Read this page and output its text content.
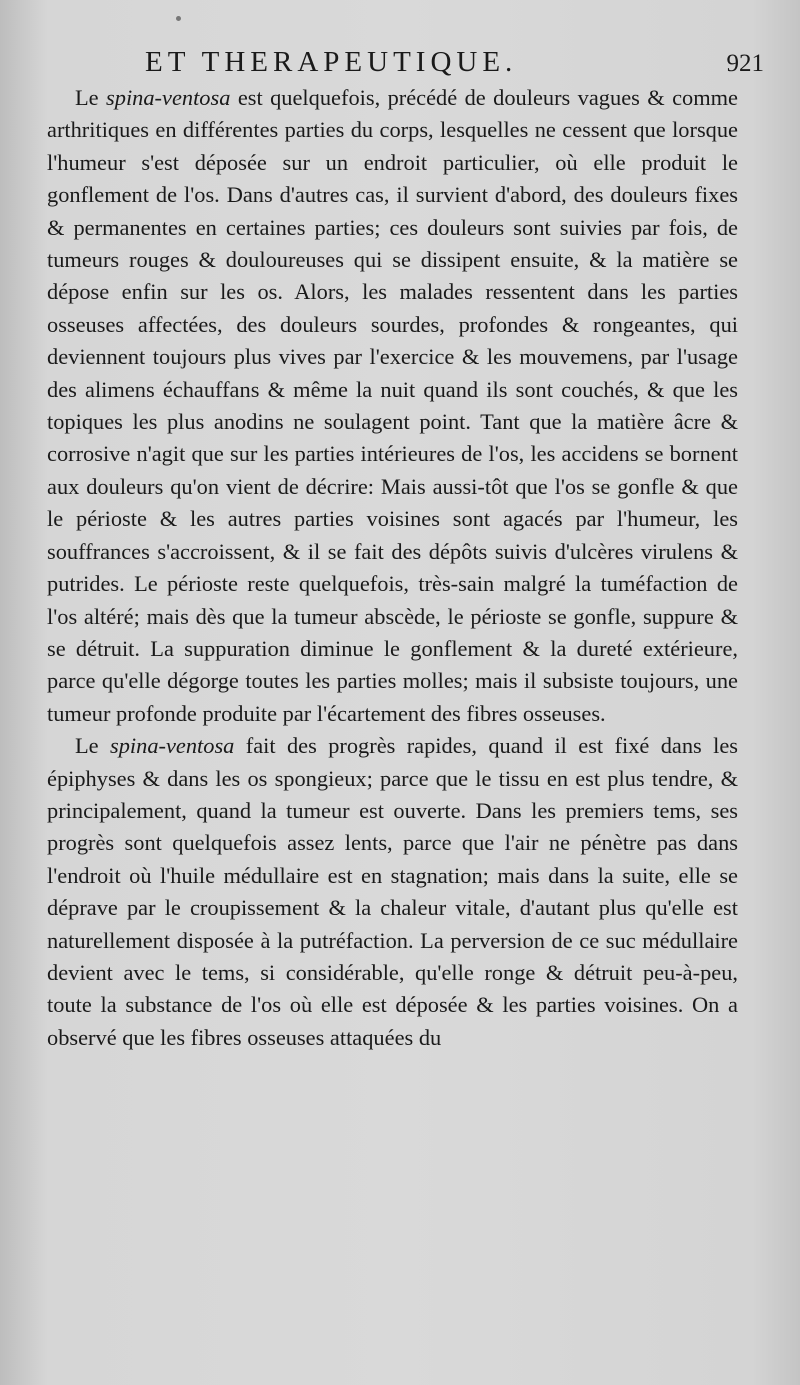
ET THERAPEUTIQUE.	921

Le spina-ventosa est quelquefois, précédé de douleurs vagues & comme arthritiques en différentes parties du corps, lesquelles ne cessent que lorsque l'humeur s'est déposée sur un endroit particulier, où elle produit le gonflement de l'os. Dans d'autres cas, il survient d'abord, des douleurs fixes & permanentes en certaines parties; ces douleurs sont suivies par fois, de tumeurs rouges & douloureuses qui se dissipent ensuite, & la matière se dépose enfin sur les os. Alors, les malades ressentent dans les parties osseuses affectées, des douleurs sourdes, profondes & rongeantes, qui deviennent toujours plus vives par l'exercice & les mouvemens, par l'usage des alimens échauffans & même la nuit quand ils sont couchés, & que les topiques les plus anodins ne soulagent point. Tant que la matière âcre & corrosive n'agit que sur les parties intérieures de l'os, les accidens se bornent aux douleurs qu'on vient de décrire: Mais aussi-tôt que l'os se gonfle & que le périoste & les autres parties voisines sont agacés par l'humeur, les souffrances s'accroissent, & il se fait des dépôts suivis d'ulcères virulens & putrides. Le périoste reste quelquefois, très-sain malgré la tuméfaction de l'os altéré; mais dès que la tumeur abscède, le périoste se gonfle, suppure & se détruit. La suppuration diminue le gonflement & la dureté extérieure, parce qu'elle dégorge toutes les parties molles; mais il subsiste toujours, une tumeur profonde produite par l'écartement des fibres osseuses.

Le spina-ventosa fait des progrès rapides, quand il est fixé dans les épiphyses & dans les os spongieux; parce que le tissu en est plus tendre, & principalement, quand la tumeur est ouverte. Dans les premiers tems, ses progrès sont quelquefois assez lents, parce que l'air ne pénètre pas dans l'endroit où l'huile médullaire est en stagnation; mais dans la suite, elle se déprave par le croupissement & la chaleur vitale, d'autant plus qu'elle est naturellement disposée à la putréfaction. La perversion de ce suc médullaire devient avec le tems, si considérable, qu'elle ronge & détruit peu-à-peu, toute la substance de l'os où elle est déposée & les parties voisines. On a observé que les fibres osseuses attaquées du
